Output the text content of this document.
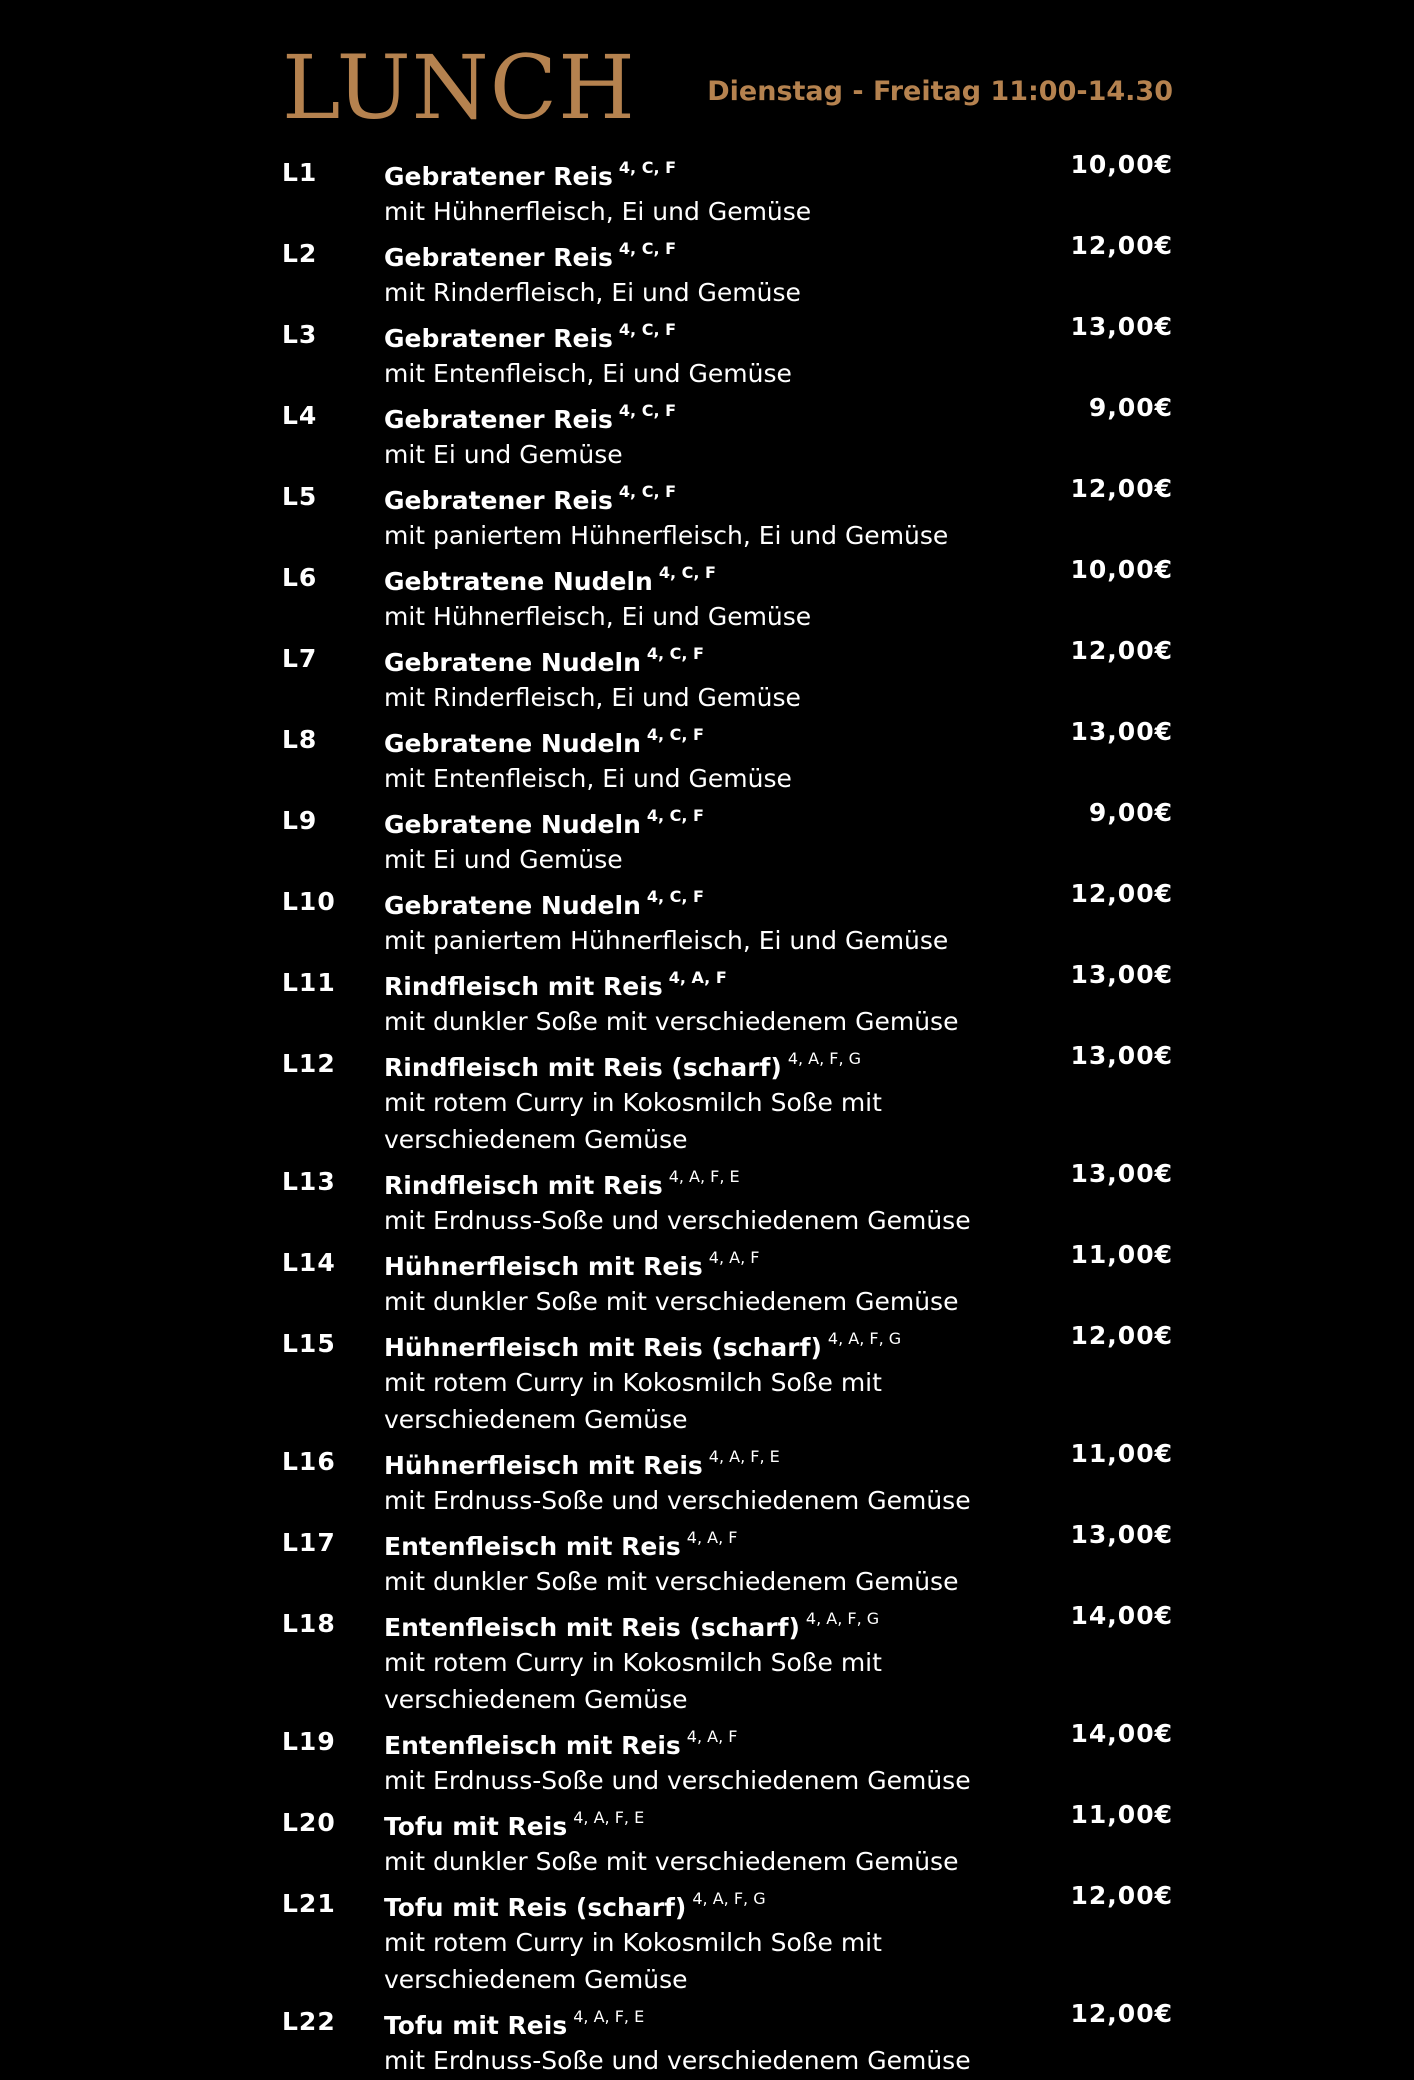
LUNCH	Dienstag - Freitag 11:00-14.30
L1	Gebratener Reis $^{4, C, F}$
mit Hühnerfleisch, Ei und Gemüse
10,00€
L2	Gebratener Reis $^{4, C, F}$
mit Rinderfleisch, Ei und Gemüse
12,00€
L3	Gebratener Reis $^{4, C, F}$
mit Entenfleisch, Ei und Gemüse
13,00€
L4	Gebratener Reis $^{4, C, F}$
mit Ei und Gemüse
9,00€
L5	Gebratener Reis $^{4, C, F}$
mit paniertem Hühnerfleisch, Ei und Gemüse
12,00€
L6	Gebtratene Nudeln $^{4, C, F}$
mit Hühnerfleisch, Ei und Gemüse
10,00€
L7	Gebratene Nudeln $^{4, C, F}$
mit Rinderfleisch, Ei und Gemüse
12,00€
L8	Gebratene Nudeln $^{4, C, F}$
mit Entenfleisch, Ei und Gemüse
13,00€
L9	Gebratene Nudeln $^{4, C, F}$
mit Ei und Gemüse
9,00€
L10 Gebratene Nudeln $^{4, C, F}$
mit paniertem Hühnerfleisch, Ei und Gemüse
12,00€
L11 Rindfleisch mit Reis $^{4, A, F}$
mit dunkler Soße mit verschiedenem Gemüse
13,00€
L12 Rindfleisch mit Reis (scharf) $^{4, A, F, G}$
mit rotem Curry in Kokosmilch Soße mit verschiedenem Gemüse
13,00€
L13 Rindfleisch mit Reis $^{4, A, F, E}$
mit Erdnuss-Soße und verschiedenem Gemüse
13,00€
L14 Hühnerfleisch mit Reis $^{4, A, F}$
mit dunkler Soße mit verschiedenem Gemüse
11,00€
L15 Hühnerfleisch mit Reis (scharf) $^{4, A, F, G}$
mit rotem Curry in Kokosmilch Soße mit verschiedenem Gemüse
12,00€
L16 Hühnerfleisch mit Reis $^{4, A, F, E}$
mit Erdnuss-Soße und verschiedenem Gemüse
11,00€
L17 Entenfleisch mit Reis $^{4, A, F}$
mit dunkler Soße mit verschiedenem Gemüse
13,00€
L18 Entenfleisch mit Reis (scharf) $^{4, A, F, G}$
mit rotem Curry in Kokosmilch Soße mit verschiedenem Gemüse
14,00€
L19 Entenfleisch mit Reis $^{4, A, F}$
mit Erdnuss-Soße und verschiedenem Gemüse
14,00€
L20 Tofu mit Reis $^{4, A, F, E}$
mit dunkler Soße mit verschiedenem Gemüse
11,00€
L21 Tofu mit Reis (scharf) $^{4, A, F, G}$
mit rotem Curry in Kokosmilch Soße mit verschiedenem Gemüse
12,00€
L22 Tofu mit Reis $^{4, A, F, E}$
mit Erdnuss-Soße und verschiedenem Gemüse
12,00€
